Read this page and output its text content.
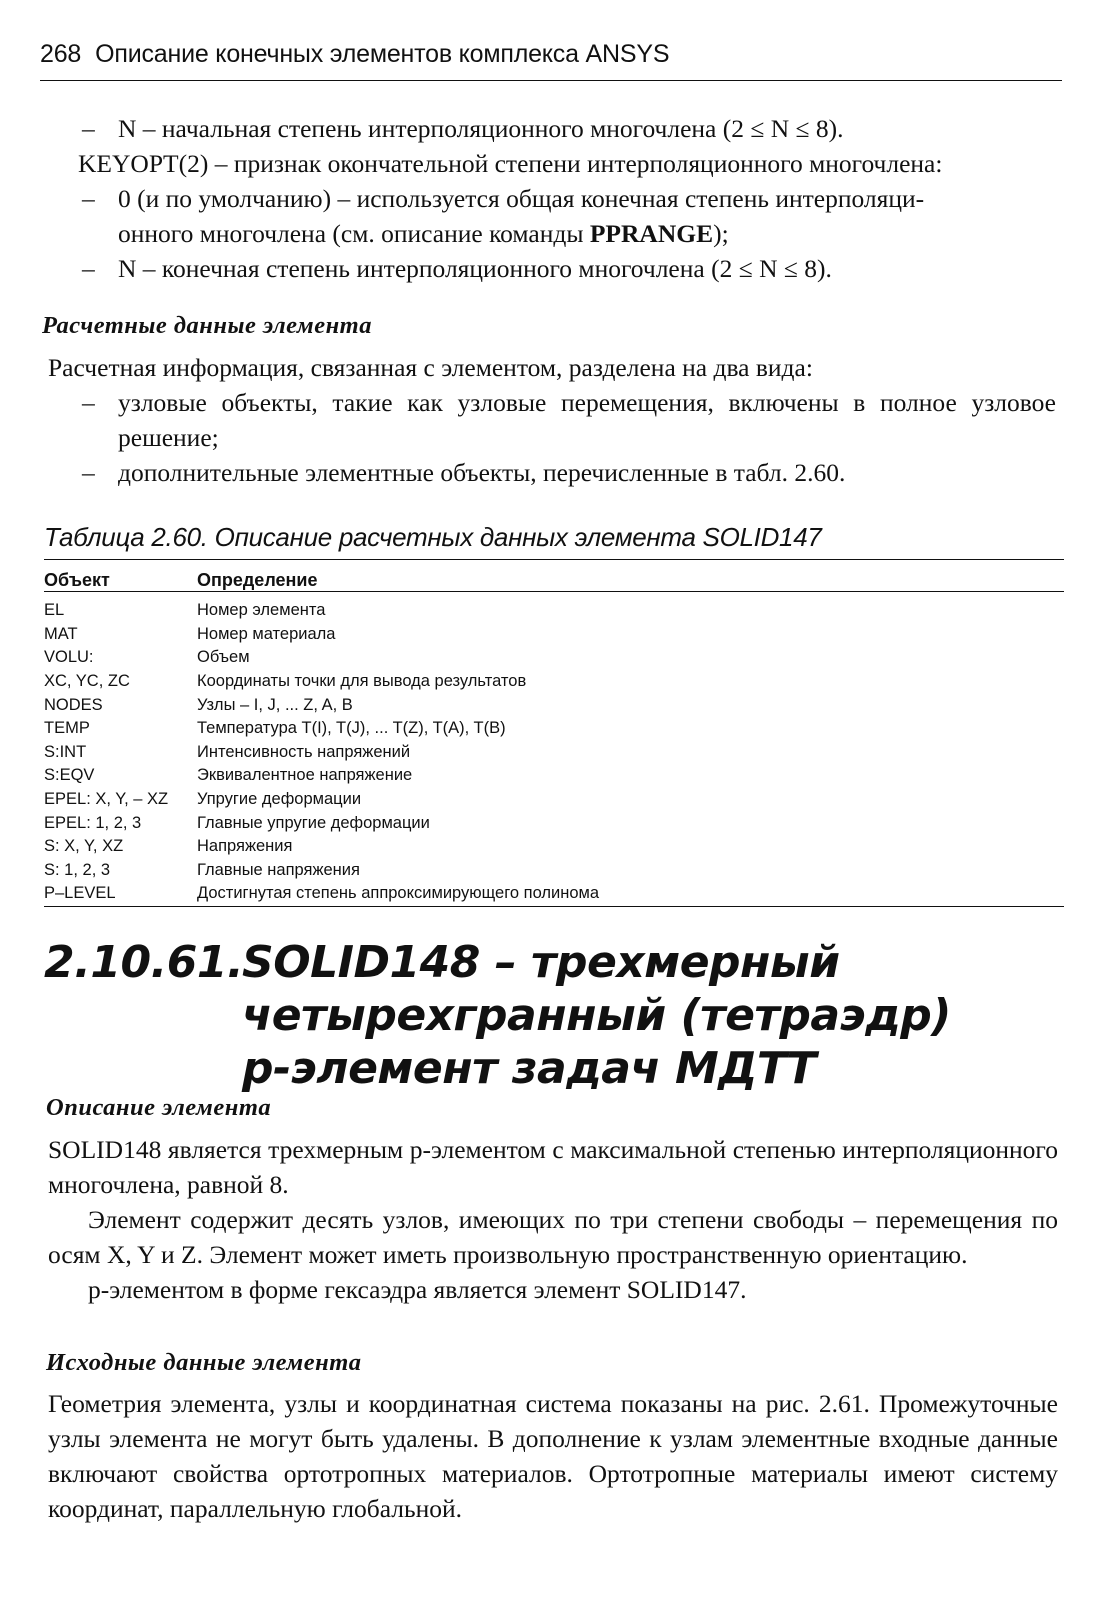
268 Описание конечных элементов комплекса ANSYS
– N – начальная степень интерполяционного многочлена (2 ≤ N ≤ 8).
KEYOPT(2) – признак окончательной степени интерполяционного многочлена:
– 0 (и по умолчанию) – используется общая конечная степень интерполяци-
онного многочлена (см. описание команды PPRANGE);
– N – конечная степень интерполяционного многочлена (2 ≤ N ≤ 8).
Расчетные данные элемента
Расчетная информация, связанная с элементом, разделена на два вида:
– узловые объекты, такие как узловые перемещения, включены в полное узловое решение;
– дополнительные элементные объекты, перечисленные в табл. 2.60.
Таблица 2.60. Описание расчетных данных элемента SOLID147
Объект	Определение
EL	Номер элемента
MAT	Номер материала
VOLU:	Объем
XC, YC, ZC	Координаты точки для вывода результатов
NODES	Узлы – I, J, ... Z, A, B
TEMP	Температура T(I), T(J), ... T(Z), T(A), T(B)
S:INT	Интенсивность напряжений
S:EQV	Эквивалентное напряжение
EPEL: X, Y, – XZ	Упругие деформации
EPEL: 1, 2, 3	Главные упругие деформации
S: X, Y, XZ	Напряжения
S: 1, 2, 3	Главные напряжения
P–LEVEL	Достигнутая степень аппроксимирующего полинома
2.10.61.SOLID148 – трехмерный
четырехгранный (тетраэдр)
p-элемент задач МДТТ
Описание элемента
SOLID148 является трехмерным p-элементом с максимальной степенью интерполяционного многочлена, равной 8.
Элемент содержит десять узлов, имеющих по три степени свободы – перемещения по осям X, Y и Z. Элемент может иметь произвольную пространственную ориентацию.
p-элементом в форме гексаэдра является элемент SOLID147.
Исходные данные элемента
Геометрия элемента, узлы и координатная система показаны на рис. 2.61. Промежуточные узлы элемента не могут быть удалены. В дополнение к узлам элементные входные данные включают свойства ортотропных материалов. Ортотропные материалы имеют систему координат, параллельную глобальной.
